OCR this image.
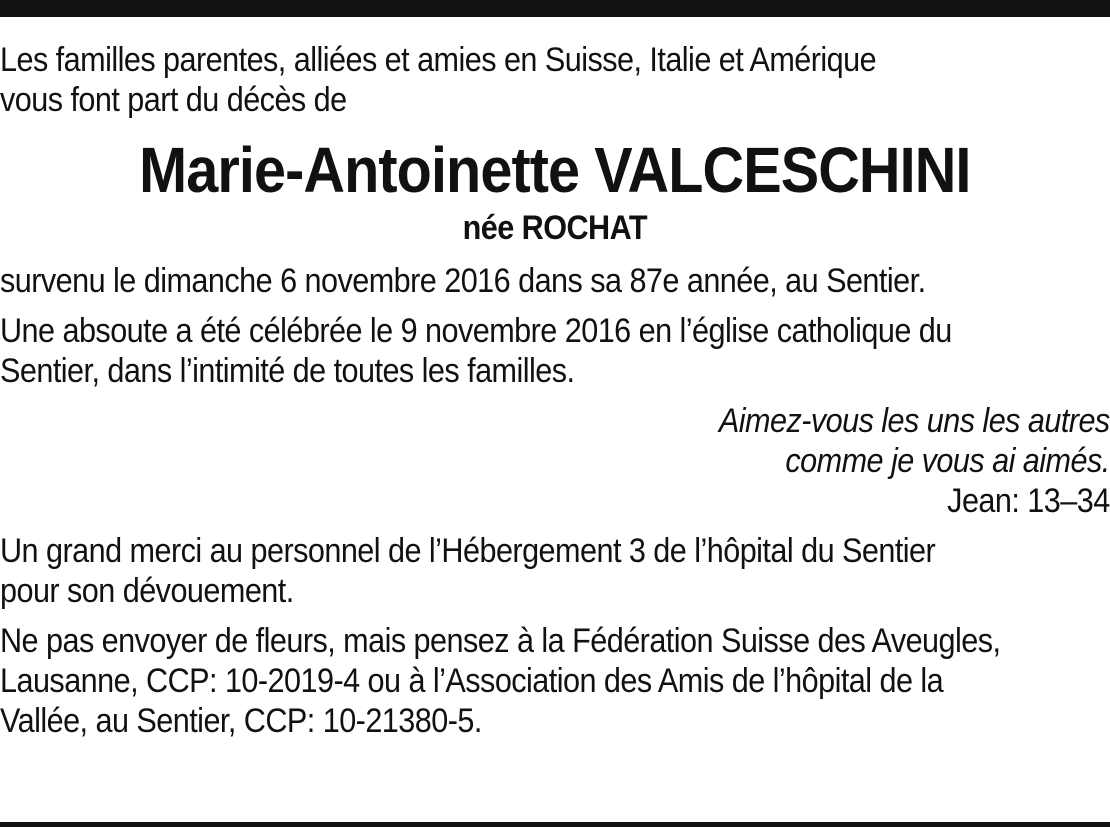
Les familles parentes, alliées et amies en Suisse, Italie et Amérique
vous font part du décès de
Marie-Antoinette VALCESCHINI
née ROCHAT
survenu le dimanche 6 novembre 2016 dans sa 87e année, au Sentier.
Une absoute a été célébrée le 9 novembre 2016 en l’église catholique du
Sentier, dans l’intimité de toutes les familles.
Aimez-vous les uns les autres
comme je vous ai aimés.
Jean: 13–34
Un grand merci au personnel de l’Hébergement 3 de l’hôpital du Sentier
pour son dévouement.
Ne pas envoyer de fleurs, mais pensez à la Fédération Suisse des Aveugles,
Lausanne, CCP: 10-2019-4 ou à l’Association des Amis de l’hôpital de la
Vallée, au Sentier, CCP: 10-21380-5.
